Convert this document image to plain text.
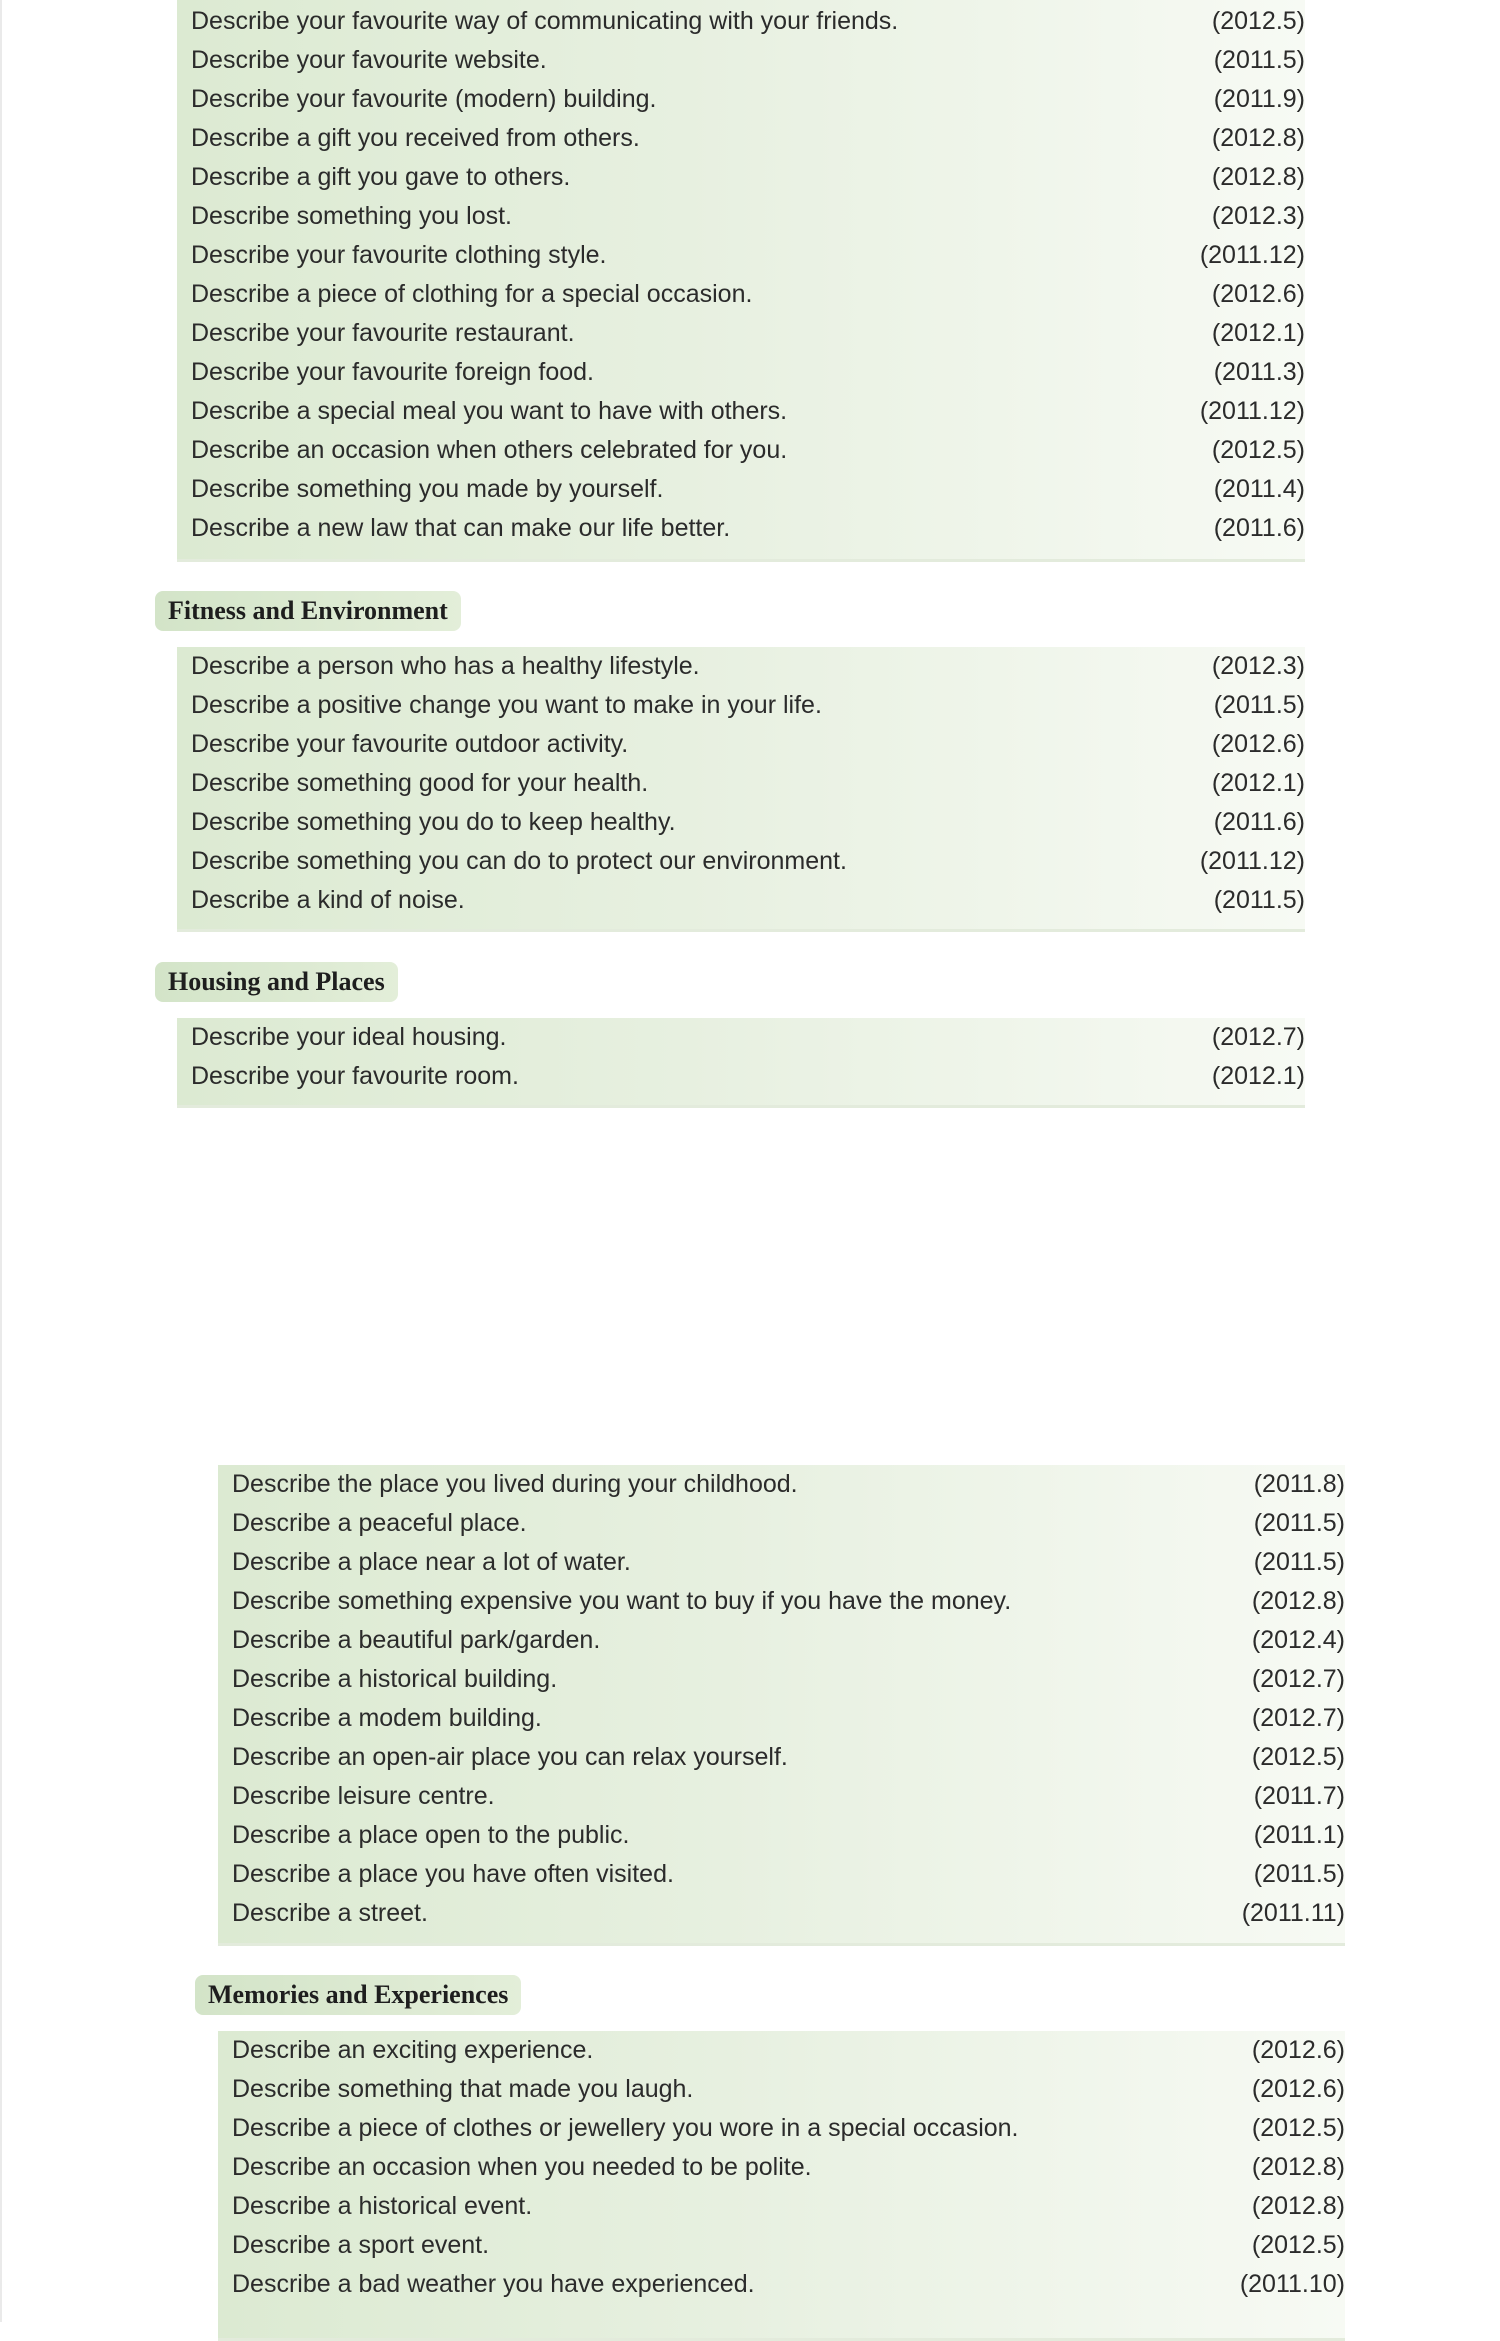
Describe your favourite way of communicating with your friends.	(2012.5)
Describe your favourite website.	(2011.5)
Describe your favourite (modern) building.	(2011.9)
Describe a gift you received from others.	(2012.8)
Describe a gift you gave to others.	(2012.8)
Describe something you lost.	(2012.3)
Describe your favourite clothing style.	(2011.12)
Describe a piece of clothing for a special occasion.	(2012.6)
Describe your favourite restaurant.	(2012.1)
Describe your favourite foreign food.	(2011.3)
Describe a special meal you want to have with others.	(2011.12)
Describe an occasion when others celebrated for you.	(2012.5)
Describe something you made by yourself.	(2011.4)
Describe a new law that can make our life better.	(2011.6)
Fitness and Environment
Describe a person who has a healthy lifestyle.	(2012.3)
Describe a positive change you want to make in your life.	(2011.5)
Describe your favourite outdoor activity.	(2012.6)
Describe something good for your health.	(2012.1)
Describe something you do to keep healthy.	(2011.6)
Describe something you can do to protect our environment.	(2011.12)
Describe a kind of noise.	(2011.5)
Housing and Places
Describe your ideal housing.	(2012.7)
Describe your favourite room.	(2012.1)
Describe the place you lived during your childhood.	(2011.8)
Describe a peaceful place.	(2011.5)
Describe a place near a lot of water.	(2011.5)
Describe something expensive you want to buy if you have the money.	(2012.8)
Describe a beautiful park/garden.	(2012.4)
Describe a historical building.	(2012.7)
Describe a modem building.	(2012.7)
Describe an open-air place you can relax yourself.	(2012.5)
Describe leisure centre.	(2011.7)
Describe a place open to the public.	(2011.1)
Describe a place you have often visited.	(2011.5)
Describe a street.	(2011.11)
Memories and Experiences
Describe an exciting experience.	(2012.6)
Describe something that made you laugh.	(2012.6)
Describe a piece of clothes or jewellery you wore in a special occasion.	(2012.5)
Describe an occasion when you needed to be polite.	(2012.8)
Describe a historical event.	(2012.8)
Describe a sport event.	(2012.5)
Describe a bad weather you have experienced.	(2011.10)
